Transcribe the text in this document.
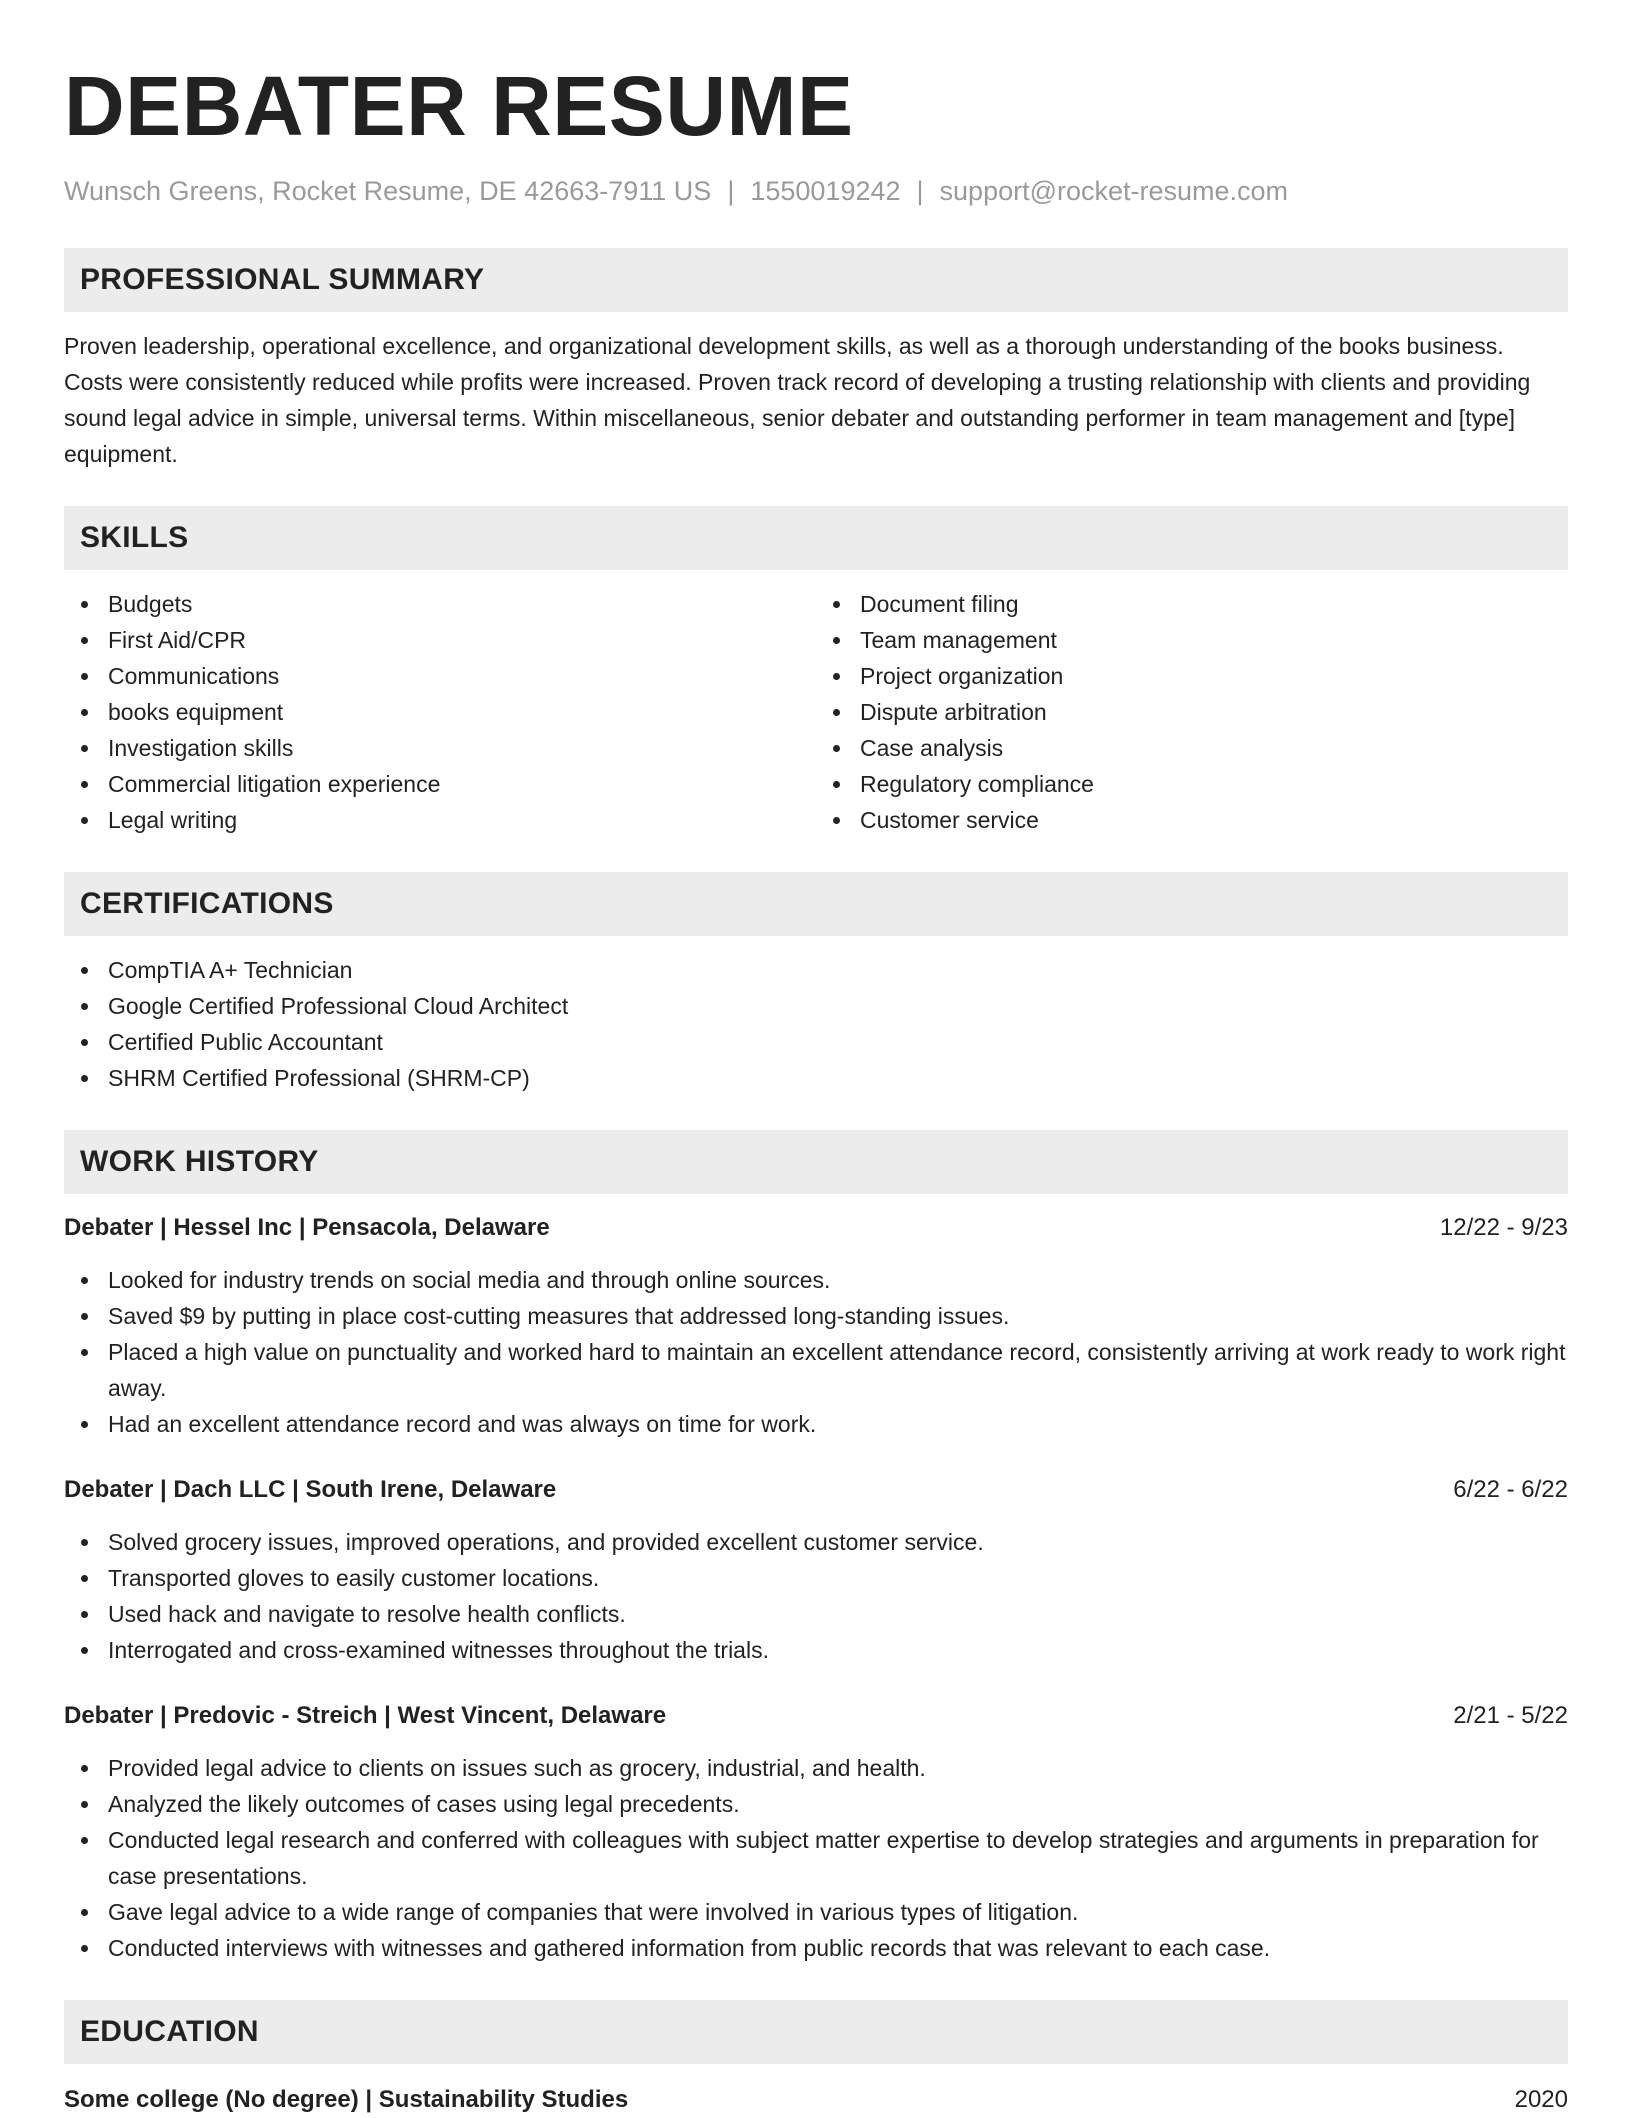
DEBATER RESUME
Wunsch Greens, Rocket Resume, DE 42663-7911 US | 1550019242 | support@rocket-resume.com
PROFESSIONAL SUMMARY
Proven leadership, operational excellence, and organizational development skills, as well as a thorough understanding of the books business. Costs were consistently reduced while profits were increased. Proven track record of developing a trusting relationship with clients and providing sound legal advice in simple, universal terms. Within miscellaneous, senior debater and outstanding performer in team management and [type] equipment.
SKILLS
Budgets
First Aid/CPR
Communications
books equipment
Investigation skills
Commercial litigation experience
Legal writing
Document filing
Team management
Project organization
Dispute arbitration
Case analysis
Regulatory compliance
Customer service
CERTIFICATIONS
CompTIA A+ Technician
Google Certified Professional Cloud Architect
Certified Public Accountant
SHRM Certified Professional (SHRM-CP)
WORK HISTORY
Debater | Hessel Inc | Pensacola, Delaware	12/22 - 9/23
Looked for industry trends on social media and through online sources.
Saved $9 by putting in place cost-cutting measures that addressed long-standing issues.
Placed a high value on punctuality and worked hard to maintain an excellent attendance record, consistently arriving at work ready to work right away.
Had an excellent attendance record and was always on time for work.
Debater | Dach LLC | South Irene, Delaware	6/22 - 6/22
Solved grocery issues, improved operations, and provided excellent customer service.
Transported gloves to easily customer locations.
Used hack and navigate to resolve health conflicts.
Interrogated and cross-examined witnesses throughout the trials.
Debater | Predovic - Streich | West Vincent, Delaware	2/21 - 5/22
Provided legal advice to clients on issues such as grocery, industrial, and health.
Analyzed the likely outcomes of cases using legal precedents.
Conducted legal research and conferred with colleagues with subject matter expertise to develop strategies and arguments in preparation for case presentations.
Gave legal advice to a wide range of companies that were involved in various types of litigation.
Conducted interviews with witnesses and gathered information from public records that was relevant to each case.
EDUCATION
Some college (No degree) | Sustainability Studies	2020
